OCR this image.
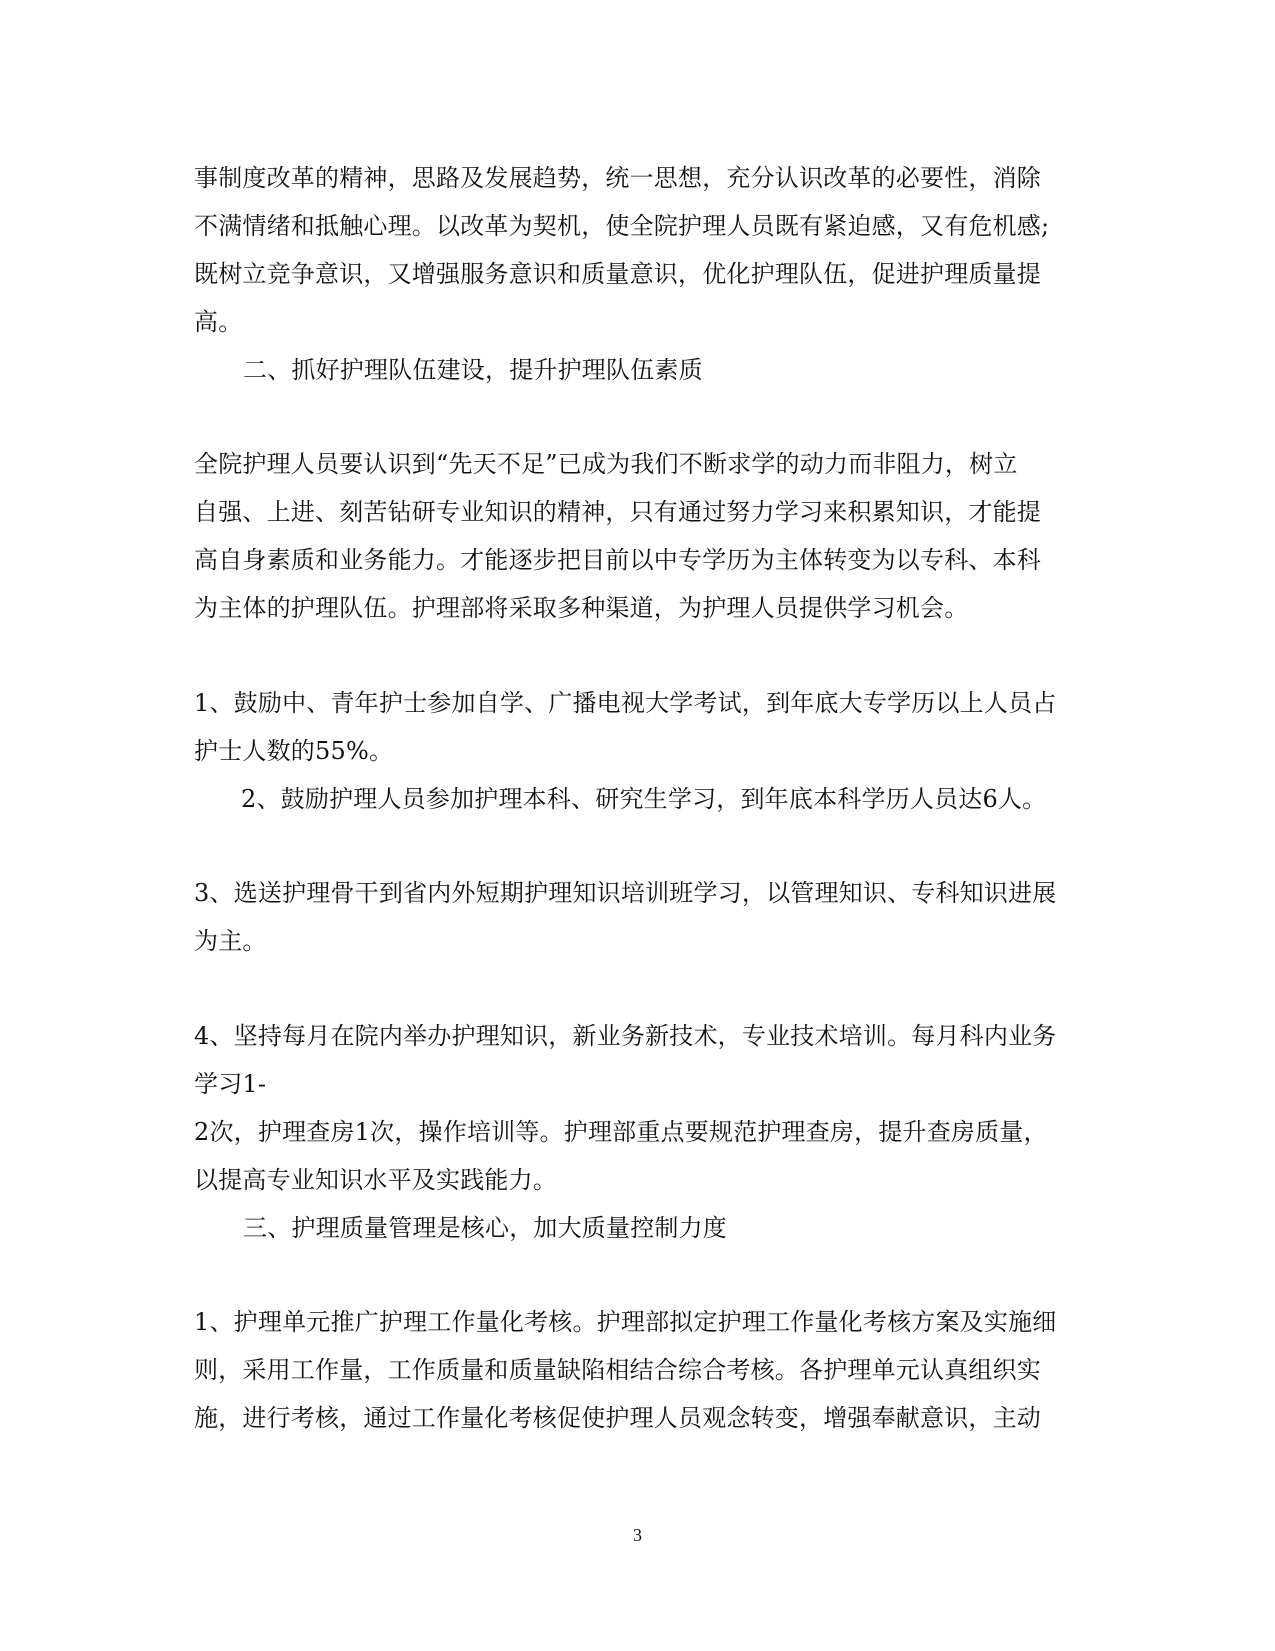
事制度改革的精神，思路及发展趋势，统一思想，充分认识改革的必要性，消除
不满情绪和抵触心理。以改革为契机，使全院护理人员既有紧迫感，又有危机感;
既树立竞争意识，又增强服务意识和质量意识，优化护理队伍，促进护理质量提
高。
二、抓好护理队伍建设，提升护理队伍素质
全院护理人员要认识到“先天不足”已成为我们不断求学的动力而非阻力，树立
自强、上进、刻苦钻研专业知识的精神，只有通过努力学习来积累知识，才能提
高自身素质和业务能力。才能逐步把目前以中专学历为主体转变为以专科、本科
为主体的护理队伍。护理部将采取多种渠道，为护理人员提供学习机会。
1、鼓励中、青年护士参加自学、广播电视大学考试，到年底大专学历以上人员占
护士人数的55%。
2、鼓励护理人员参加护理本科、研究生学习，到年底本科学历人员达6人。
3、选送护理骨干到省内外短期护理知识培训班学习，以管理知识、专科知识进展
为主。
4、坚持每月在院内举办护理知识，新业务新技术，专业技术培训。每月科内业务
学习1-
2次，护理查房1次，操作培训等。护理部重点要规范护理查房，提升查房质量，
以提高专业知识水平及实践能力。
三、护理质量管理是核心，加大质量控制力度
1、护理单元推广护理工作量化考核。护理部拟定护理工作量化考核方案及实施细
则，采用工作量，工作质量和质量缺陷相结合综合考核。各护理单元认真组织实
施，进行考核，通过工作量化考核促使护理人员观念转变，增强奉献意识，主动
3
